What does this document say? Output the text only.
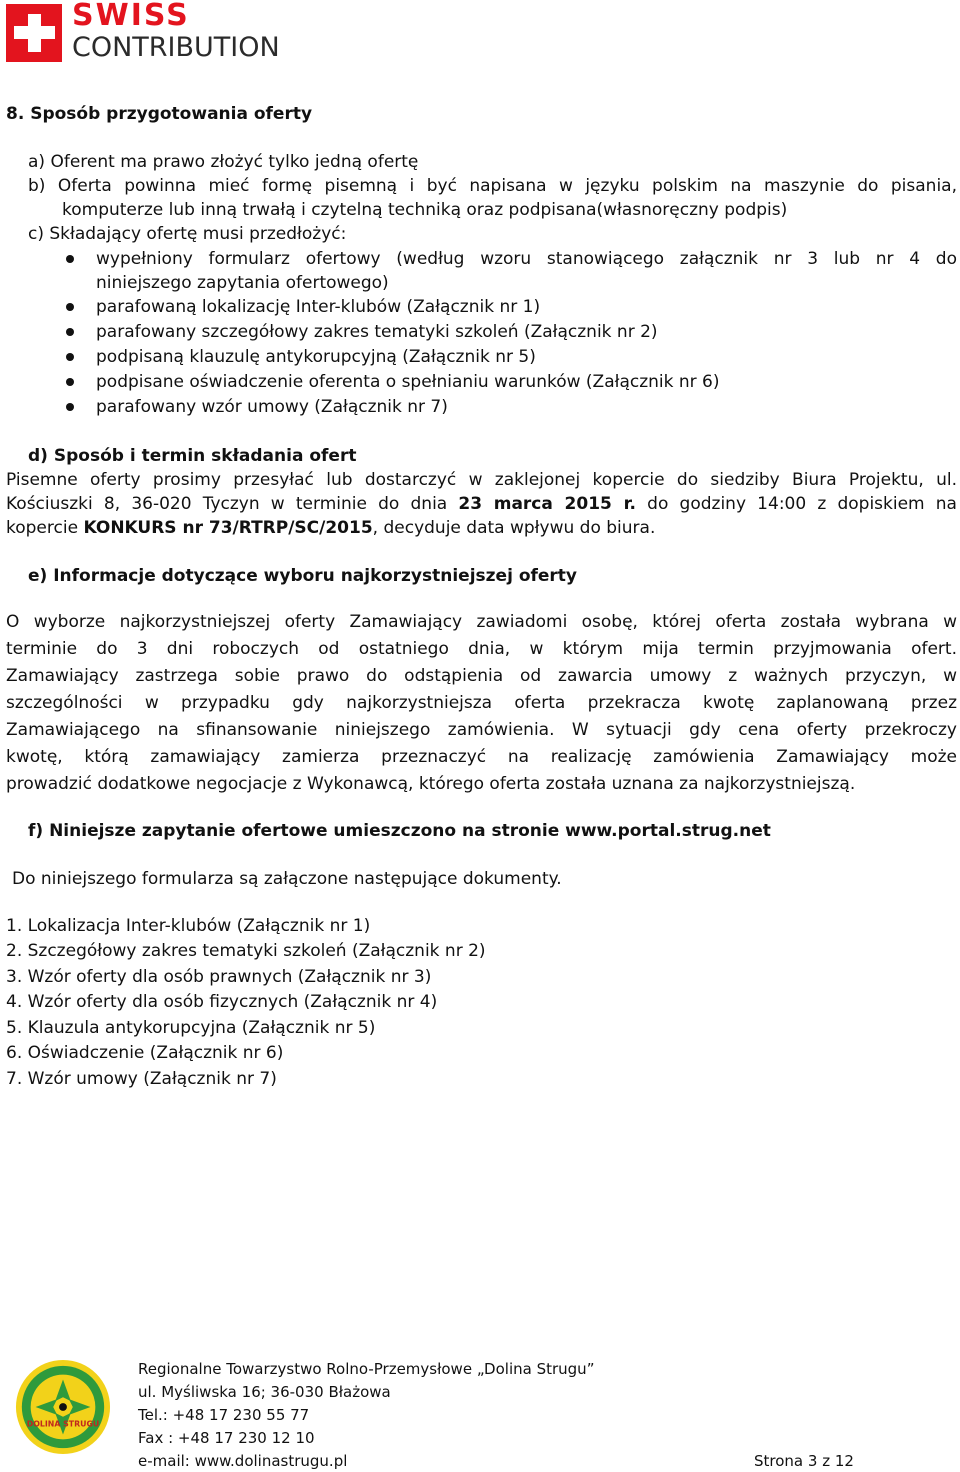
SWISS
CONTRIBUTION
8. Sposób przygotowania oferty
a) Oferent ma prawo złożyć tylko jedną ofertę
b) Oferta powinna mieć formę pisemną i być napisana w języku polskim na maszynie do pisania,
komputerze lub inną trwałą i czytelną techniką oraz podpisana(własnoręczny podpis)
c) Składający ofertę musi przedłożyć:
wypełniony formularz ofertowy (według wzoru stanowiącego załącznik nr 3 lub nr 4 do
niniejszego zapytania ofertowego)
parafowaną lokalizację Inter-klubów (Załącznik nr 1)
parafowany szczegółowy zakres tematyki szkoleń (Załącznik nr 2)
podpisaną klauzulę antykorupcyjną (Załącznik nr 5)
podpisane oświadczenie oferenta o spełnianiu warunków (Załącznik nr 6)
parafowany wzór umowy (Załącznik nr 7)
d) Sposób i termin składania ofert
Pisemne oferty prosimy przesyłać lub dostarczyć w zaklejonej kopercie do siedziby Biura Projektu, ul.
Kościuszki 8, 36-020 Tyczyn w terminie do dnia 23 marca 2015 r. do godziny 14:00 z dopiskiem na
kopercie KONKURS nr 73/RTRP/SC/2015, decyduje data wpływu do biura.
e) Informacje dotyczące wyboru najkorzystniejszej oferty
O wyborze najkorzystniejszej oferty Zamawiający zawiadomi osobę, której oferta została wybrana w
terminie do 3 dni roboczych od ostatniego dnia, w którym mija termin przyjmowania ofert.
Zamawiający zastrzega sobie prawo do odstąpienia od zawarcia umowy z ważnych przyczyn, w
szczególności w przypadku gdy najkorzystniejsza oferta przekracza kwotę zaplanowaną przez
Zamawiającego na sfinansowanie niniejszego zamówienia. W sytuacji gdy cena oferty przekroczy
kwotę, którą zamawiający zamierza przeznaczyć na realizację zamówienia Zamawiający może
prowadzić dodatkowe negocjacje z Wykonawcą, którego oferta została uznana za najkorzystniejszą.
f) Niniejsze zapytanie ofertowe umieszczono na stronie www.portal.strug.net
Do niniejszego formularza są załączone następujące dokumenty.
1. Lokalizacja Inter-klubów (Załącznik nr 1)
2. Szczegółowy zakres tematyki szkoleń (Załącznik nr 2)
3. Wzór oferty dla osób prawnych (Załącznik nr 3)
4. Wzór oferty dla osób fizycznych (Załącznik nr 4)
5. Klauzula antykorupcyjna (Załącznik nr 5)
6. Oświadczenie (Załącznik nr 6)
7. Wzór umowy (Załącznik nr 7)
DOLINA STRUGU
Regionalne Towarzystwo Rolno-Przemysłowe „Dolina Strugu”
ul. Myśliwska 16; 36-030 Błażowa
Tel.: +48 17 230 55 77
Fax : +48 17 230 12 10
e-mail: www.dolinastrugu.pl	Strona 3 z 12
